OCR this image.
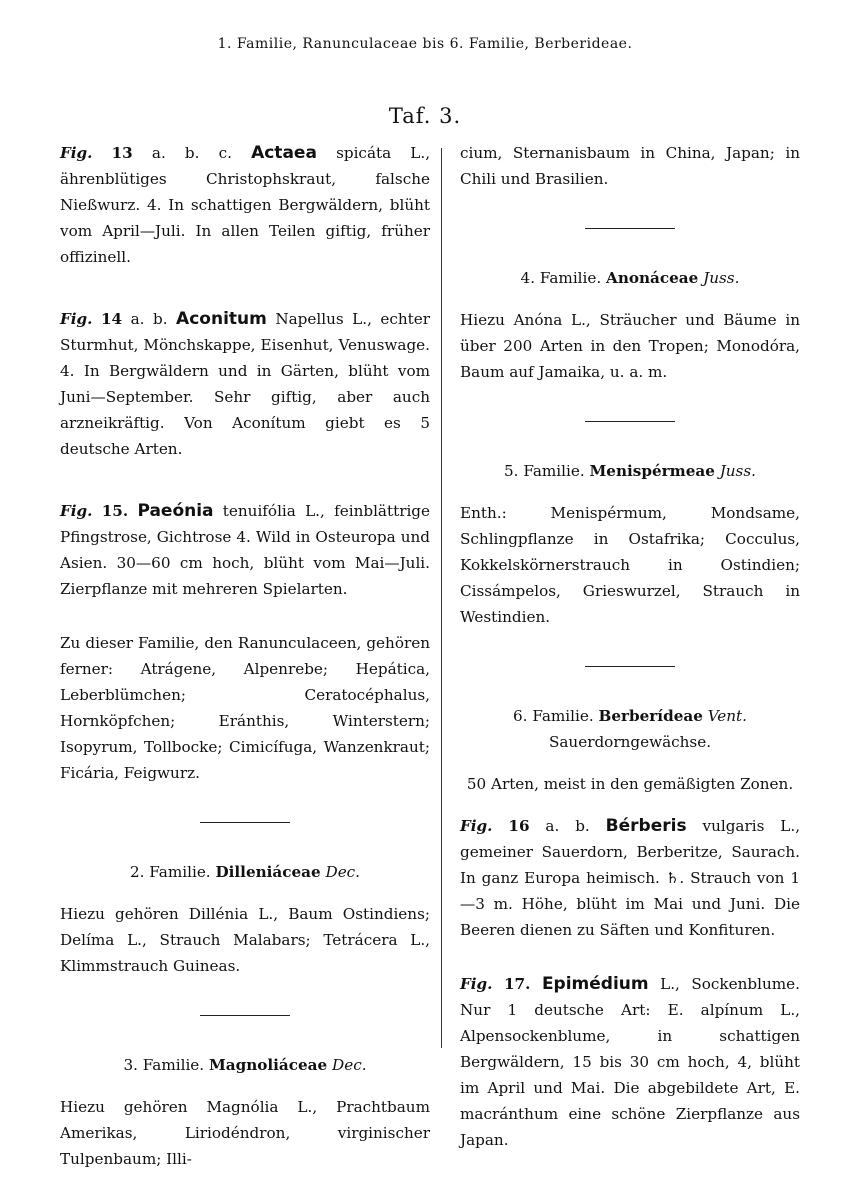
1. Familie, Ranunculaceae bis 6. Familie, Berberideae.
Taf. 3.

Fig. 13 a. b. c. Actaea spicáta L., ährenblütiges Christophskraut, falsche Nießwurz. 4. In schattigen Bergwäldern, blüht vom April—Juli. In allen Teilen giftig, früher offizinell.

Fig. 14 a. b. Aconitum Napellus L., echter Sturmhut, Mönchskappe, Eisenhut, Venuswage. 4. In Bergwäldern und in Gärten, blüht vom Juni—September. Sehr giftig, aber auch arzneikräftig. Von Aconítum giebt es 5 deutsche Arten.

Fig. 15. Paeónia tenuifólia L., feinblättrige Pfingstrose, Gichtrose 4. Wild in Osteuropa und Asien. 30—60 cm hoch, blüht vom Mai—Juli. Zierpflanze mit mehreren Spielarten.

Zu dieser Familie, den Ranunculaceen, gehören ferner: Atrágene, Alpenrebe; Hepática, Leberblümchen; Ceratocéphalus, Hornköpfchen; Eránthis, Winterstern; Isopyrum, Tollbocke; Cimicífuga, Wanzenkraut; Ficária, Feigwurz.

2. Familie. Dilleniáceae Dec.

Hiezu gehören Dillénia L., Baum Ostindiens; Delíma L., Strauch Malabars; Tetrácera L., Klimmstrauch Guineas.

3. Familie. Magnoliáceae Dec.

Hiezu gehören Magnólia L., Prachtbaum Amerikas, Liriodéndron, virginischer Tulpenbaum; Illi-

cium, Sternanisbaum in China, Japan; in Chili und Brasilien.

4. Familie. Anonáceae Juss.

Hiezu Anóna L., Sträucher und Bäume in über 200 Arten in den Tropen; Monodóra, Baum auf Jamaika, u. a. m.

5. Familie. Menispérmeae Juss.

Enth.: Menispérmum, Mondsame, Schlingpflanze in Ostafrika; Cocculus, Kokkelskörnerstrauch in Ostindien; Cissámpelos, Grieswurzel, Strauch in Westindien.

6. Familie. Berberídeae Vent.

Sauerdorngewächse.

50 Arten, meist in den gemäßigten Zonen.

Fig. 16 a. b. Bérberis vulgaris L., gemeiner Sauerdorn, Berberitze, Saurach. In ganz Europa heimisch. ♄. Strauch von 1—3 m. Höhe, blüht im Mai und Juni. Die Beeren dienen zu Säften und Konfituren.

Fig. 17. Epimédium L., Sockenblume. Nur 1 deutsche Art: E. alpínum L., Alpensockenblume, in schattigen Bergwäldern, 15 bis 30 cm hoch, 4, blüht im April und Mai. Die abgebildete Art, E. macránthum eine schöne Zierpflanze aus Japan.
